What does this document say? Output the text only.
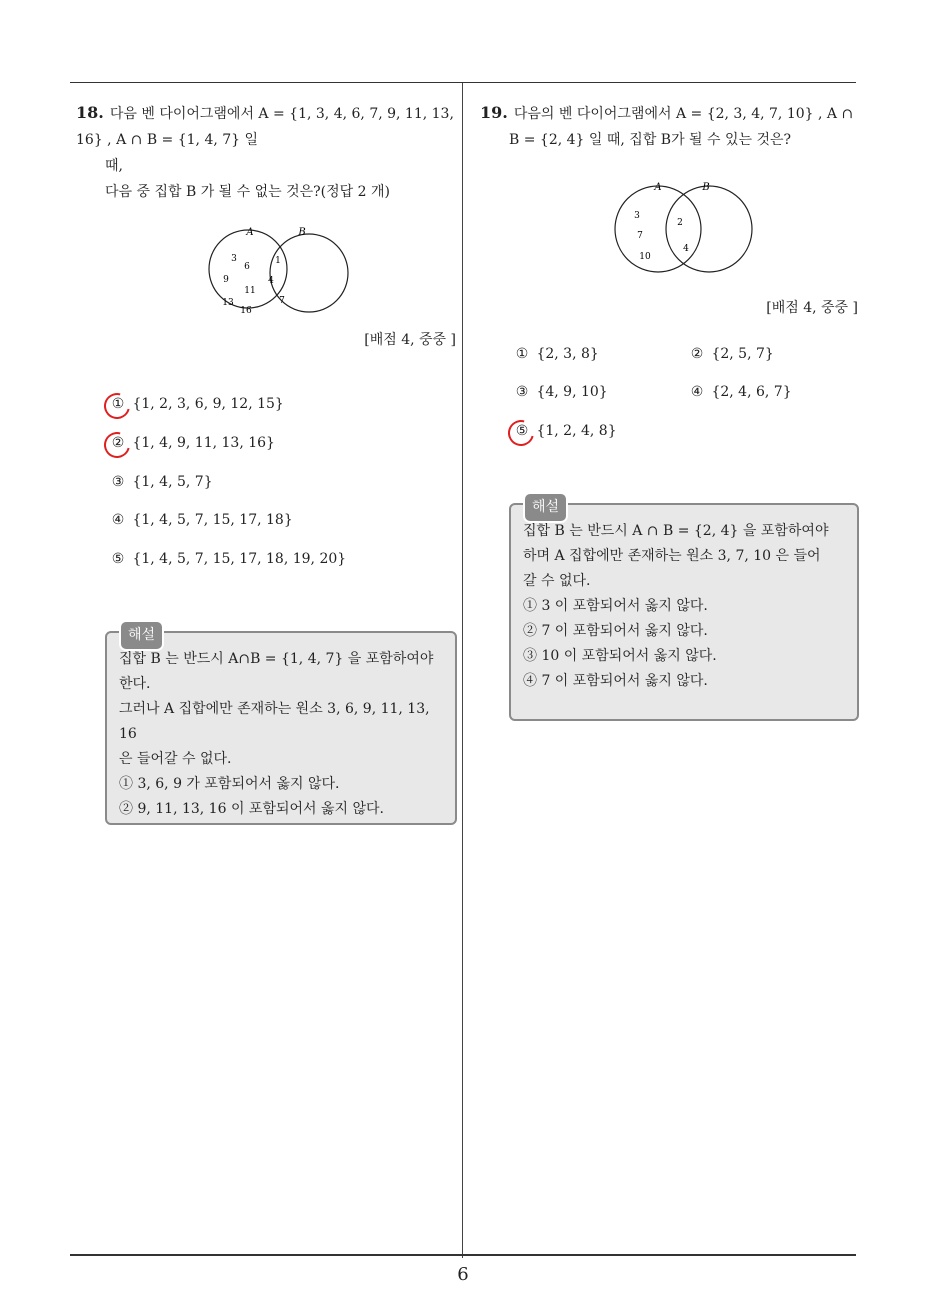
18. 다음 벤 다이어그램에서 A = {1, 3, 4, 6, 7, 9, 11, 13, 16} , A ∩ B = {1, 4, 7} 일
때,
다음 중 집합 B 가 될 수 없는 것은?(정답 2 개)
A	B
3
6
9
11
13
16
1
4
7
[배점 4, 중중 ]
① {1, 2, 3, 6, 9, 12, 15}
② {1, 4, 9, 11, 13, 16}
③ {1, 4, 5, 7}
④ {1, 4, 5, 7, 15, 17, 18}
⑤ {1, 4, 5, 7, 15, 17, 18, 19, 20}
해설
집합 B 는 반드시 A∩B = {1, 4, 7} 을 포함하여야
한다.
그러나 A 집합에만 존재하는 원소 3, 6, 9, 11, 13, 16
은 들어갈 수 없다.
① 3, 6, 9 가 포함되어서 옳지 않다.
② 9, 11, 13, 16 이 포함되어서 옳지 않다.
19. 다음의 벤 다이어그램에서 A = {2, 3, 4, 7, 10} , A ∩
B = {2, 4} 일 때, 집합 B가 될 수 있는 것은?
A	B
3
7
10
2
4
[배점 4, 중중 ]
① {2, 3, 8}	② {2, 5, 7}
③ {4, 9, 10}	④ {2, 4, 6, 7}
⑤ {1, 2, 4, 8}
해설
집합 B 는 반드시 A ∩ B = {2, 4} 을 포함하여야
하며 A 집합에만 존재하는 원소 3, 7, 10 은 들어
갈 수 없다.
① 3 이 포함되어서 옳지 않다.
② 7 이 포함되어서 옳지 않다.
③ 10 이 포함되어서 옳지 않다.
④ 7 이 포함되어서 옳지 않다.
6
